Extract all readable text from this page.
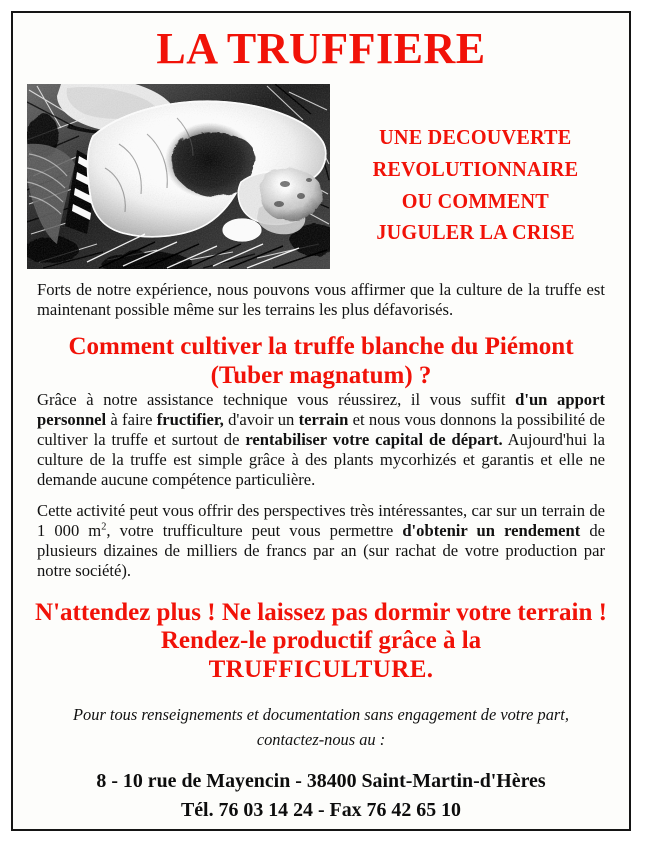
LA TRUFFIERE
UNE DECOUVERTE
REVOLUTIONNAIRE
OU COMMENT
JUGULER LA CRISE

Forts de notre expérience, nous pouvons vous affirmer que la culture de la truffe est maintenant possible même sur les terrains les plus défavorisés.

Comment cultiver la truffe blanche du Piémont
(Tuber magnatum) ?

Grâce à notre assistance technique vous réussirez, il vous suffit d'un apport personnel à faire fructifier, d'avoir un terrain et nous vous donnons la possibilité de cultiver la truffe et surtout de rentabiliser votre capital de départ. Aujourd'hui la culture de la truffe est simple grâce à des plants mycorhizés et garantis et elle ne demande aucune compétence particulière.

Cette activité peut vous offrir des perspectives très intéressantes, car sur un terrain de 1 000 $m^2$, votre trufficulture peut vous permettre d'obtenir un rendement de plusieurs dizaines de milliers de francs par an (sur rachat de votre production par notre société).

N'attendez plus ! Ne laissez pas dormir votre terrain !
Rendez-le productif grâce à la
TRUFFICULTURE.
Pour tous renseignements et documentation sans engagement de votre part,
contactez-nous au :
8 - 10 rue de Mayencin - 38400 Saint-Martin-d'Hères
Tél. 76 03 14 24 - Fax 76 42 65 10
